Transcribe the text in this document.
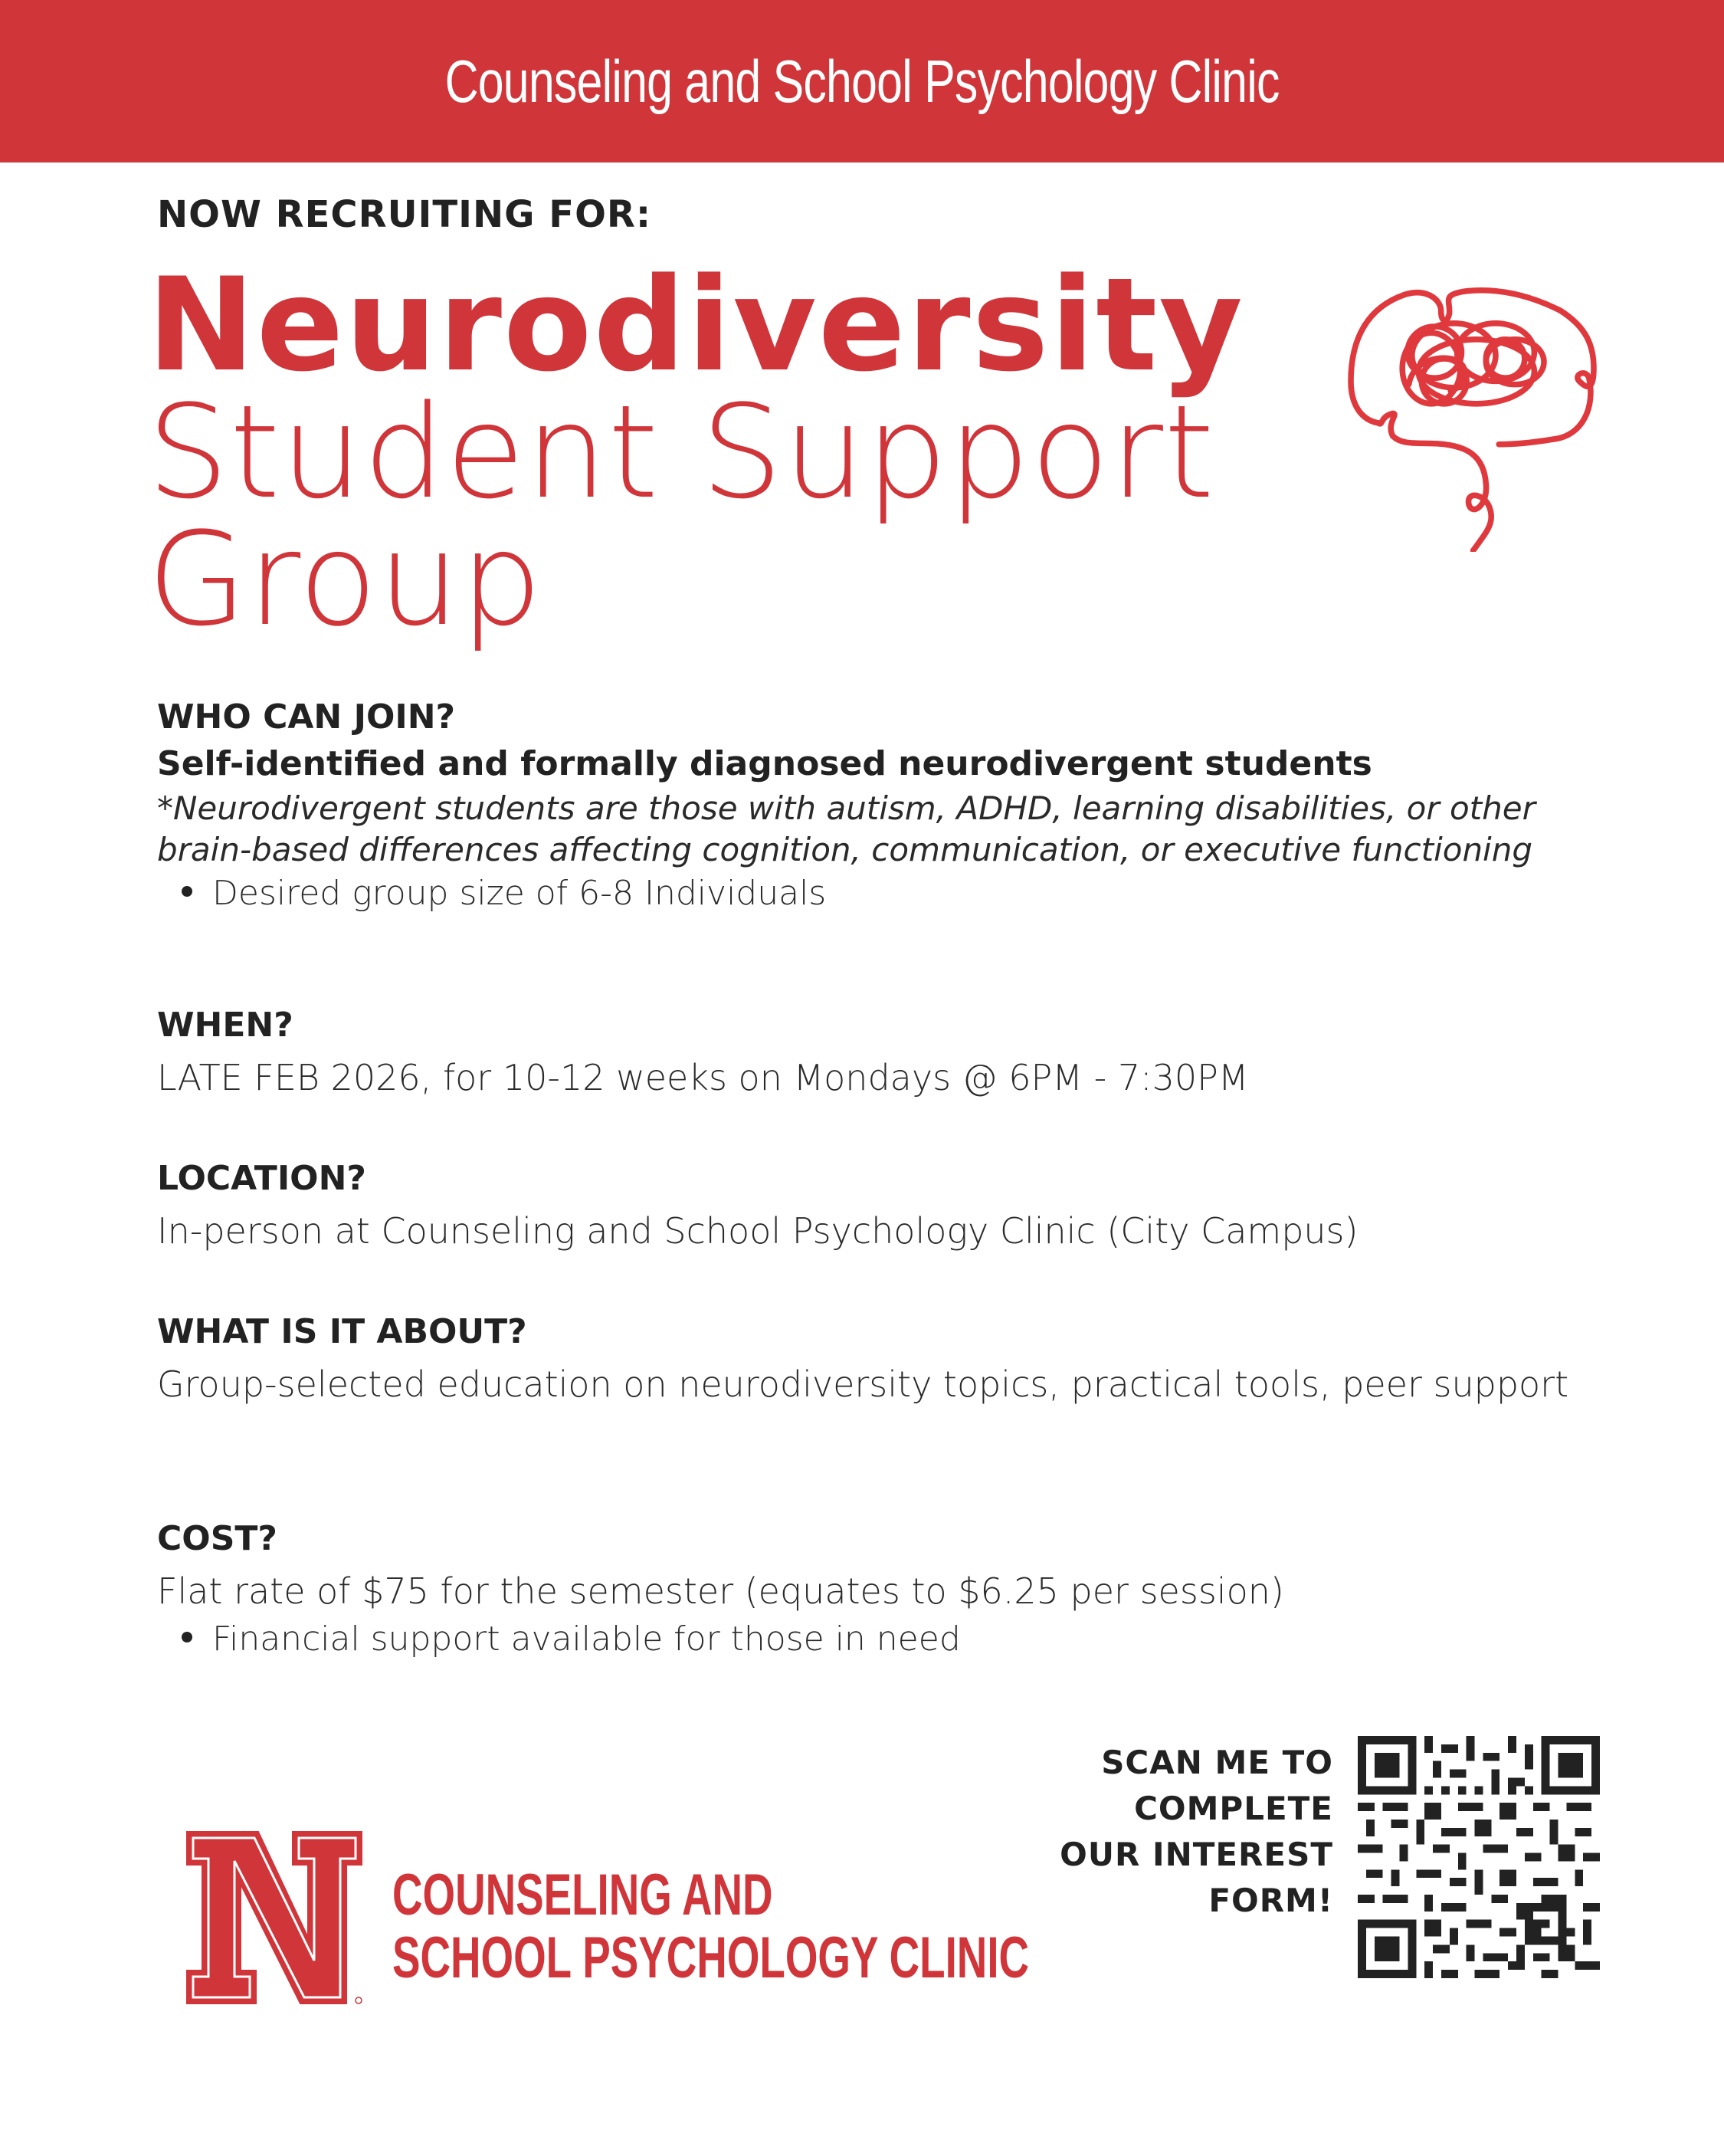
Counseling and School Psychology Clinic
NOW RECRUITING FOR:
Neurodiversity
Student Support
Group
WHO CAN JOIN?
Self-identified and formally diagnosed neurodivergent students
*Neurodivergent students are those with autism, ADHD, learning disabilities, or other brain-based differences affecting cognition, communication, or executive functioning
Desired group size of 6-8 Individuals
WHEN?
LATE FEB 2026, for 10-12 weeks on Mondays @ 6PM - 7:30PM
LOCATION?
In-person at Counseling and School Psychology Clinic (City Campus)
WHAT IS IT ABOUT?
Group-selected education on neurodiversity topics, practical tools, peer support
COST?
Flat rate of $75 for the semester (equates to $6.25 per session)
Financial support available for those in need
COUNSELING AND
SCHOOL PSYCHOLOGY CLINIC
SCAN ME TO
COMPLETE
OUR INTEREST
FORM!
